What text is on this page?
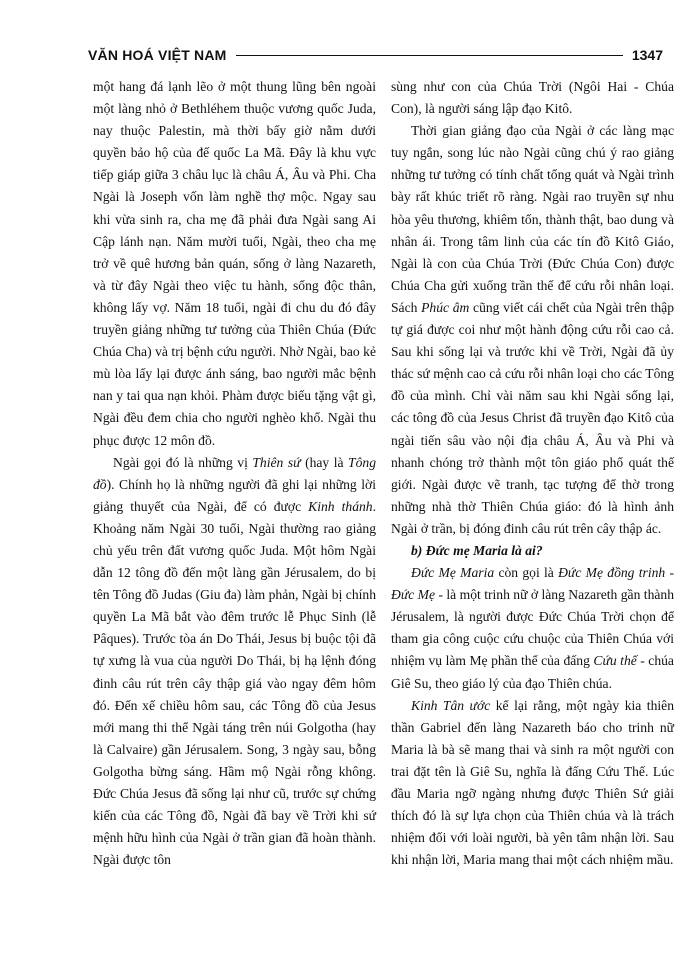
VĂN HOÁ VIỆT NAM	1347

một hang đá lạnh lẽo ở một thung lũng bên ngoài một làng nhỏ ở Bethléhem thuộc vương quốc Juda, nay thuộc Palestin, mà thời bấy giờ nằm dưới quyền bảo hộ của đế quốc La Mã. Đây là khu vực tiếp giáp giữa 3 châu lục là châu Á, Âu và Phi. Cha Ngài là Joseph vốn làm nghề thợ mộc. Ngay sau khi vừa sinh ra, cha mẹ đã phải đưa Ngài sang Ai Cập lánh nạn. Năm mười tuổi, Ngài, theo cha mẹ trở về quê hương bản quán, sống ở làng Nazareth, và từ đây Ngài theo việc tu hành, sống độc thân, không lấy vợ. Năm 18 tuổi, ngài đi chu du đó đây truyền giảng những tư tưởng của Thiên Chúa (Đức Chúa Cha) và trị bệnh cứu người. Nhờ Ngài, bao kẻ mù lòa lấy lại được ánh sáng, bao người mắc bệnh nan y tai qua nạn khỏi. Phàm được biếu tặng vật gì, Ngài đều đem chia cho người nghèo khổ. Ngài thu phục được 12 môn đồ.

Ngài gọi đó là những vị Thiên sứ (hay là Tông đồ). Chính họ là những người đã ghi lại những lời giảng thuyết của Ngài, để có được Kinh thánh. Khoảng năm Ngài 30 tuổi, Ngài thường rao giảng chủ yếu trên đất vương quốc Juda. Một hôm Ngài dẫn 12 tông đồ đến một làng gần Jérusalem, do bị tên Tông đồ Judas (Giu đa) làm phản, Ngài bị chính quyền La Mã bắt vào đêm trước lễ Phục Sinh (lễ Pâques). Trước tòa án Do Thái, Jesus bị buộc tội đã tự xưng là vua của người Do Thái, bị hạ lệnh đóng đinh câu rút trên cây thập giá vào ngay đêm hôm đó. Đến xế chiều hôm sau, các Tông đồ của Jesus mới mang thi thể Ngài táng trên núi Golgotha (hay là Calvaire) gần Jérusalem. Song, 3 ngày sau, bỗng Golgotha bừng sáng. Hầm mộ Ngài rỗng không. Đức Chúa Jesus đã sống lại như cũ, trước sự chứng kiến của các Tông đồ, Ngài đã bay về Trời khi sứ mệnh hữu hình của Ngài ở trần gian đã hoàn thành. Ngài được tôn

sùng như con của Chúa Trời (Ngôi Hai - Chúa Con), là người sáng lập đạo Kitô.

Thời gian giảng đạo của Ngài ở các làng mạc tuy ngắn, song lúc nào Ngài cũng chú ý rao giảng những tư tưởng có tính chất tổng quát và Ngài trình bày rất khúc triết rõ ràng. Ngài rao truyền sự nhu hòa yêu thương, khiêm tốn, thành thật, bao dung và nhân ái. Trong tâm linh của các tín đồ Kitô Giáo, Ngài là con của Chúa Trời (Đức Chúa Con) được Chúa Cha gửi xuống trần thế để cứu rỗi nhân loại. Sách Phúc âm cũng viết cái chết của Ngài trên thập tự giá được coi như một hành động cứu rỗi cao cả. Sau khi sống lại và trước khi về Trời, Ngài đã ủy thác sứ mệnh cao cả cứu rỗi nhân loại cho các Tông đồ của mình. Chỉ vài năm sau khi Ngài sống lại, các tông đồ của Jesus Christ đã truyền đạo Kitô của ngài tiến sâu vào nội địa châu Á, Âu và Phi và nhanh chóng trở thành một tôn giáo phổ quát thế giới. Ngài được vẽ tranh, tạc tượng để thờ trong những nhà thờ Thiên Chúa giáo: đó là hình ảnh Ngài ở trần, bị đóng đinh câu rút trên cây thập ác.

b) Đức mẹ Maria là ai?

Đức Mẹ Maria còn gọi là Đức Mẹ đồng trinh - Đức Mẹ - là một trinh nữ ở làng Nazareth gần thành Jérusalem, là người được Đức Chúa Trời chọn để tham gia công cuộc cứu chuộc của Thiên Chúa với nhiệm vụ làm Mẹ phần thể của đấng Cứu thế - chúa Giê Su, theo giáo lý của đạo Thiên chúa.

Kinh Tân ước kể lại rằng, một ngày kia thiên thần Gabriel đến làng Nazareth báo cho trinh nữ Maria là bà sẽ mang thai và sinh ra một người con trai đặt tên là Giê Su, nghĩa là đấng Cứu Thế. Lúc đầu Maria ngỡ ngàng nhưng được Thiên Sứ giải thích đó là sự lựa chọn của Thiên chúa và là trách nhiệm đối với loài người, bà yên tâm nhận lời. Sau khi nhận lời, Maria mang thai một cách nhiệm mầu.
